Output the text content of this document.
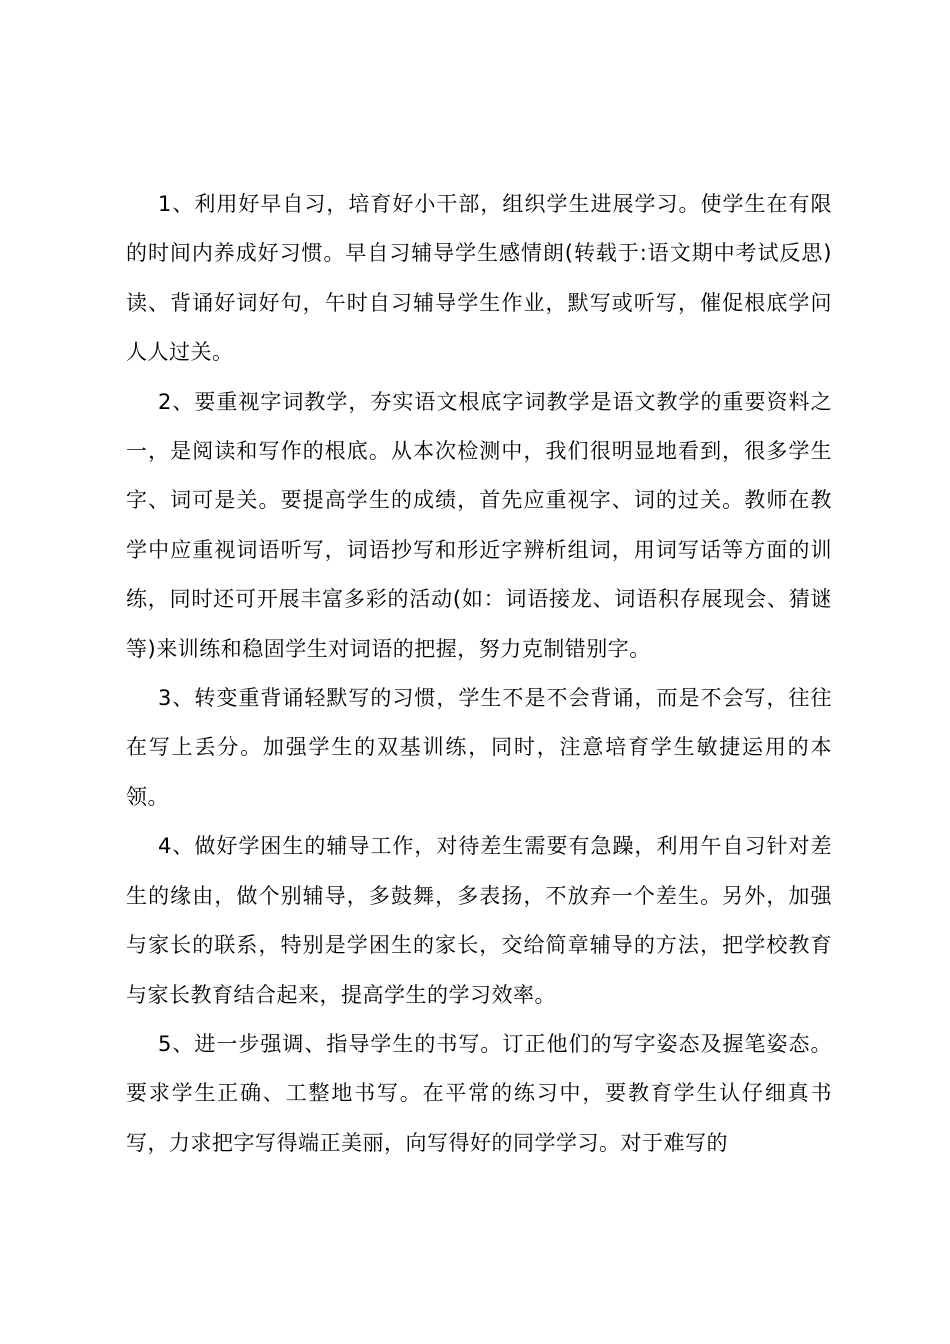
1、利用好早自习，培育好小干部，组织学生进展学习。使学生在有限的时间内养成好习惯。早自习辅导学生感情朗(转载于:语文期中考试反思)读、背诵好词好句，午时自习辅导学生作业，默写或听写，催促根底学问人人过关。

2、要重视字词教学，夯实语文根底字词教学是语文教学的重要资料之一，是阅读和写作的根底。从本次检测中，我们很明显地看到，很多学生字、词可是关。要提高学生的成绩，首先应重视字、词的过关。教师在教学中应重视词语听写，词语抄写和形近字辨析组词，用词写话等方面的训练，同时还可开展丰富多彩的活动(如：词语接龙、词语积存展现会、猜谜等)来训练和稳固学生对词语的把握，努力克制错别字。

3、转变重背诵轻默写的习惯，学生不是不会背诵，而是不会写，往往在写上丢分。加强学生的双基训练，同时，注意培育学生敏捷运用的本领。

4、做好学困生的辅导工作，对待差生需要有急躁，利用午自习针对差生的缘由，做个别辅导，多鼓舞，多表扬，不放弃一个差生。另外，加强与家长的联系，特别是学困生的家长，交给简章辅导的方法，把学校教育与家长教育结合起来，提高学生的学习效率。

5、进一步强调、指导学生的书写。订正他们的写字姿态及握笔姿态。要求学生正确、工整地书写。在平常的练习中，要教育学生认仔细真书写，力求把字写得端正美丽，向写得好的同学学习。对于难写的
